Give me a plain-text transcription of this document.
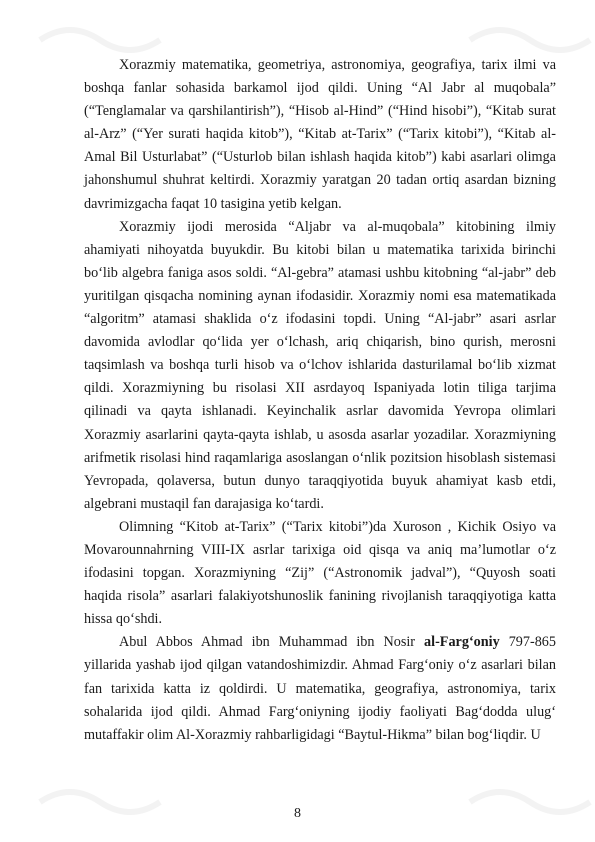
Xorazmiy matematika, geometriya, astronomiya, geografiya, tarix ilmi va boshqa fanlar sohasida barkamol ijod qildi. Uning “Al Jabr al muqobala” (“Tenglamalar va qarshilantirish”), “Hisob al-Hind” (“Hind hisobi”), “Kitab surat al-Arz” (“Yer surati haqida kitob”), “Kitab at-Tarix” (“Tarix kitobi”), “Kitab al-Amal Bil Usturlabat” (“Usturlob bilan ishlash haqida kitob”) kabi asarlari olimga jahonshumul shuhrat keltirdi. Xorazmiy yaratgan 20 tadan ortiq asardan bizning davrimizgacha faqat 10 tasigina yetib kelgan.

Xorazmiy ijodi merosida “Aljabr va al-muqobala” kitobining ilmiy ahamiyati nihoyatda buyukdir. Bu kitobi bilan u matematika tarixida birinchi bo‘lib algebra faniga asos soldi. “Al-gebra” atamasi ushbu kitobning “al-jabr” deb yuritilgan qisqacha nomining aynan ifodasidir. Xorazmiy nomi esa matematikada “algoritm” atamasi shaklida o‘z ifodasini topdi. Uning “Al-jabr” asari asrlar davomida avlodlar qo‘lida yer o‘lchash, ariq chiqarish, bino qurish, merosni taqsimlash va boshqa turli hisob va o‘lchov ishlarida dasturilamal bo‘lib xizmat qildi. Xorazmiyning bu risolasi XII asrdayoq Ispaniyada lotin tiliga tarjima qilinadi va qayta ishlanadi. Keyinchalik asrlar davomida Yevropa olimlari Xorazmiy asarlarini qayta-qayta ishlab, u asosda asarlar yozadilar. Xorazmiyning arifmetik risolasi hind raqamlariga asoslangan o‘nlik pozitsion hisoblash sistemasi Yevropada, qolaversa, butun dunyo taraqqiyotida buyuk ahamiyat kasb etdi, algebrani mustaqil fan darajasiga ko‘tardi.

Olimning “Kitob at-Tarix” (“Tarix kitobi”)da Xuroson , Kichik Osiyo va Movarounnahrning VIII-IX asrlar tarixiga oid qisqa va aniq ma’lumotlar o‘z ifodasini topgan. Xorazmiyning “Zij” (“Astronomik jadval”), “Quyosh soati haqida risola” asarlari falakiyotshunoslik fanining rivojlanish taraqqiyotiga katta hissa qo‘shdi.

Abul Abbos Ahmad ibn Muhammad ibn Nosir al-Farg‘oniy 797-865 yillarida yashab ijod qilgan vatandoshimizdir. Ahmad Farg‘oniy o‘z asarlari bilan fan tarixida katta iz qoldirdi. U matematika, geografiya, astronomiya, tarix sohalarida ijod qildi. Ahmad Farg‘oniyning ijodiy faoliyati Bag‘dodda ulug‘ mutaffakir olim Al-Xorazmiy rahbarligidagi “Baytul-Hikma” bilan bog‘liqdir. U

8
